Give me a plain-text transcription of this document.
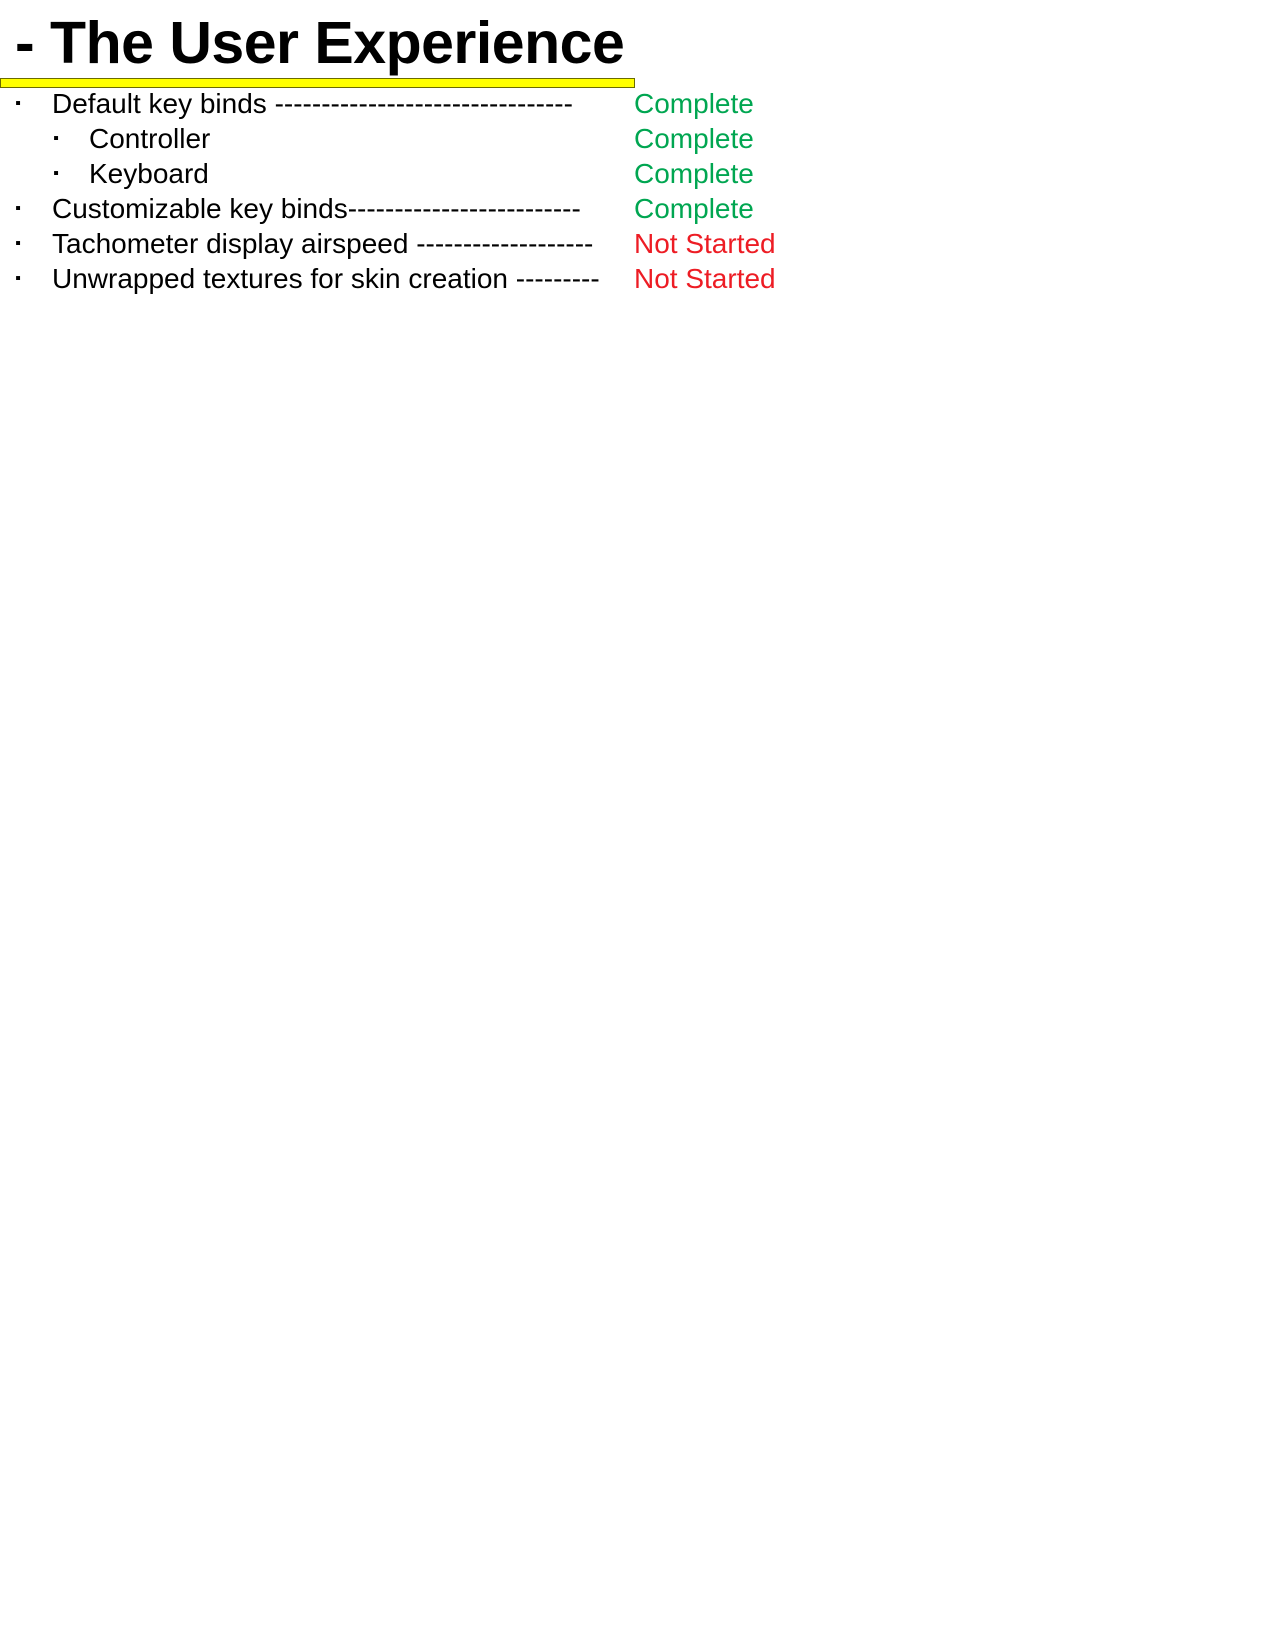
- The User Experience
▪ Default key binds -------------------------------- Complete
▪ Controller	Complete
▪ Keyboard	Complete
▪ Customizable key binds------------------------- Complete
▪ Tachometer display airspeed ------------------- Not Started
▪ Unwrapped textures for skin creation --------- Not Started
